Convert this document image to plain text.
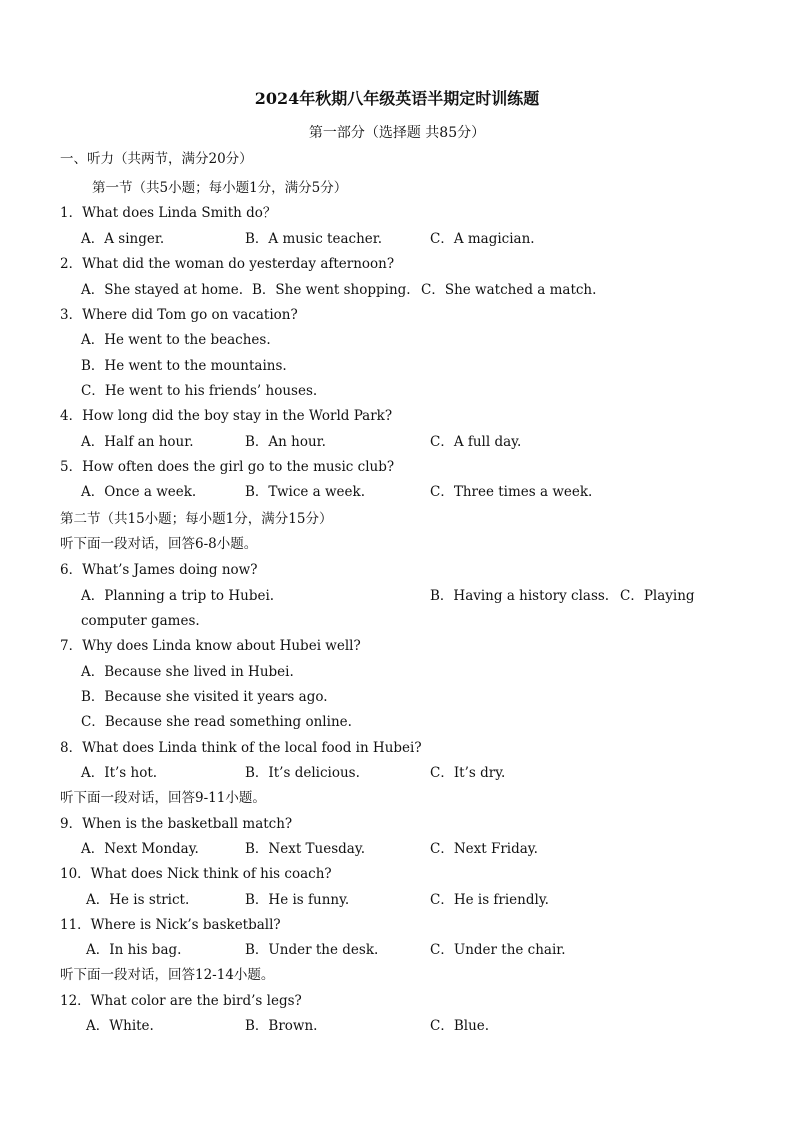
2024年秋期八年级英语半期定时训练题
第一部分（选择题 共85分）
一、听力（共两节，满分20分）
第一节（共5小题；每小题1分，满分5分）
1．What does Linda Smith do？
A．A singer.	B．A music teacher.	C．A magician.
2．What did the woman do yesterday afternoon?
A．She stayed at home. B．She went shopping. C．She watched a match.
3．Where did Tom go on vacation?
A．He went to the beaches.
B．He went to the mountains.
C．He went to his friends’ houses.
4．How long did the boy stay in the World Park?
A．Half an hour.	B．An hour.	C．A full day.
5．How often does the girl go to the music club?
A．Once a week.	B．Twice a week.	C．Three times a week.
第二节（共15小题；每小题1分，满分15分）
听下面一段对话，回答6-8小题。
6．What’s James doing now?
A．Planning a trip to Hubei.	B．Having a history class. C．Playing
computer games.
7．Why does Linda know about Hubei well?
A．Because she lived in Hubei.
B．Because she visited it years ago.
C．Because she read something online.
8．What does Linda think of the local food in Hubei?
A．It’s hot.	B．It’s delicious.	C．It’s dry.
听下面一段对话，回答9-11小题。
9．When is the basketball match?
A．Next Monday.	B．Next Tuesday.	C．Next Friday.
10．What does Nick think of his coach?
A．He is strict.	B．He is funny.	C．He is friendly.
11．Where is Nick’s basketball?
A．In his bag.	B．Under the desk.	C．Under the chair.
听下面一段对话，回答12-14小题。
12．What color are the bird’s legs?
A．White.	B．Brown.	C．Blue.
